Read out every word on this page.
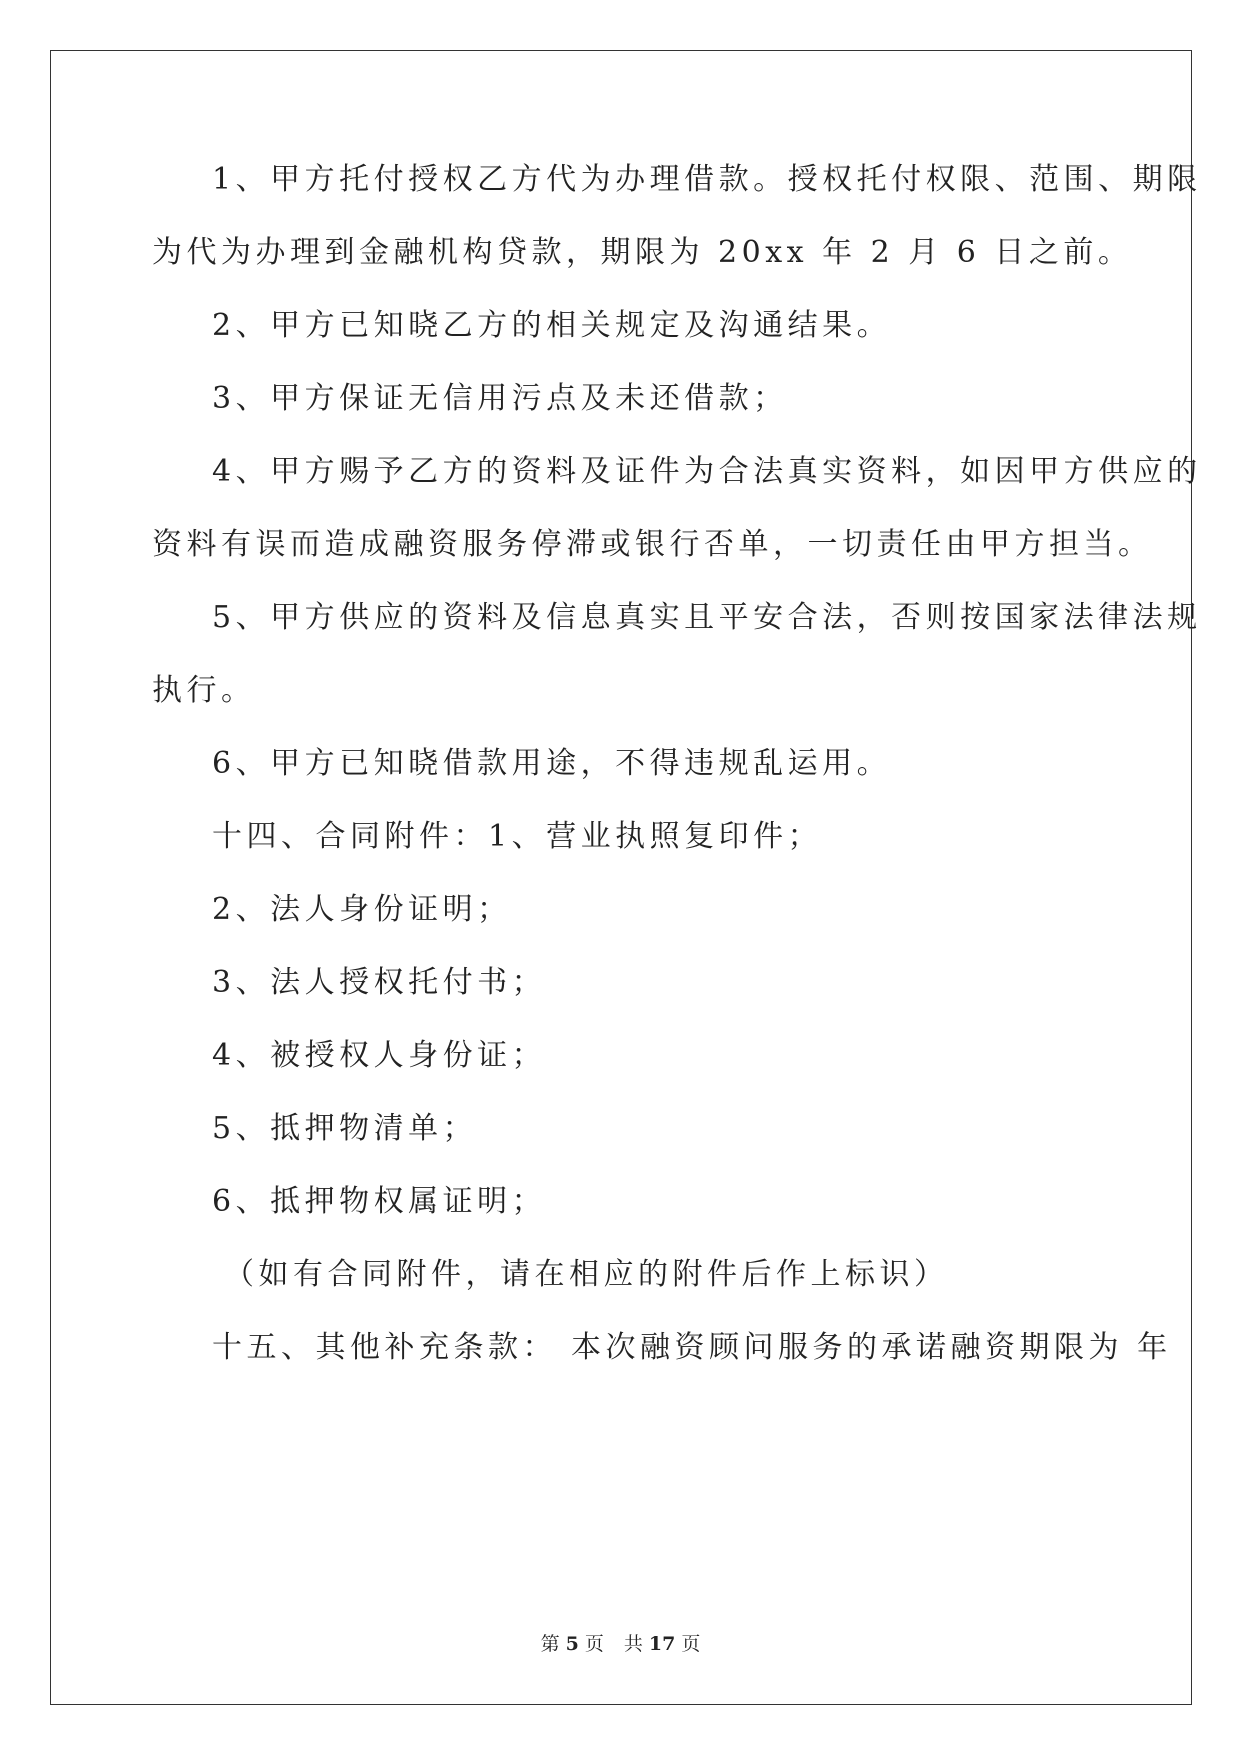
1、甲方托付授权乙方代为办理借款。授权托付权限、范围、期限
为代为办理到金融机构贷款，期限为 20xx 年 2 月 6 日之前。
2、甲方已知晓乙方的相关规定及沟通结果。
3、甲方保证无信用污点及未还借款；
4、甲方赐予乙方的资料及证件为合法真实资料，如因甲方供应的
资料有误而造成融资服务停滞或银行否单，一切责任由甲方担当。
5、甲方供应的资料及信息真实且平安合法，否则按国家法律法规
执行。
6、甲方已知晓借款用途，不得违规乱运用。
十四、合同附件：1、营业执照复印件；
2、法人身份证明；
3、法人授权托付书；
4、被授权人身份证；
5、抵押物清单；
6、抵押物权属证明；
（如有合同附件，请在相应的附件后作上标识）
十五、其他补充条款： 本次融资顾问服务的承诺融资期限为 年
第 5 页 共 17 页
